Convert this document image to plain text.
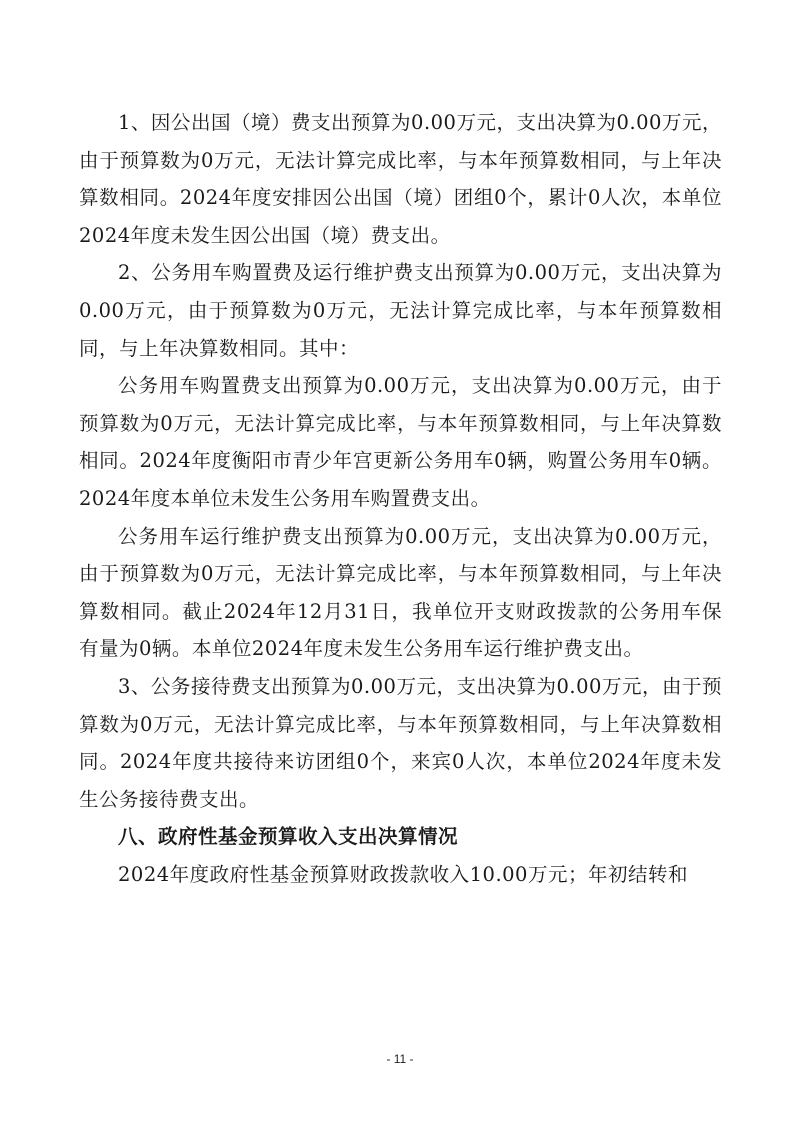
1、因公出国（境）费支出预算为0.00万元，支出决算为0.00万元，由于预算数为0万元，无法计算完成比率，与本年预算数相同，与上年决算数相同。2024年度安排因公出国（境）团组0个，累计0人次，本单位2024年度未发生因公出国（境）费支出。

2、公务用车购置费及运行维护费支出预算为0.00万元，支出决算为0.00万元，由于预算数为0万元，无法计算完成比率，与本年预算数相同，与上年决算数相同。其中：

公务用车购置费支出预算为0.00万元，支出决算为0.00万元，由于预算数为0万元，无法计算完成比率，与本年预算数相同，与上年决算数相同。2024年度衡阳市青少年宫更新公务用车0辆，购置公务用车0辆。2024年度本单位未发生公务用车购置费支出。

公务用车运行维护费支出预算为0.00万元，支出决算为0.00万元，由于预算数为0万元，无法计算完成比率，与本年预算数相同，与上年决算数相同。截止2024年12月31日，我单位开支财政拨款的公务用车保有量为0辆。本单位2024年度未发生公务用车运行维护费支出。

3、公务接待费支出预算为0.00万元，支出决算为0.00万元，由于预算数为0万元，无法计算完成比率，与本年预算数相同，与上年决算数相同。2024年度共接待来访团组0个，来宾0人次，本单位2024年度未发生公务接待费支出。

八、政府性基金预算收入支出决算情况

2024年度政府性基金预算财政拨款收入10.00万元；年初结转和

- 11 -
